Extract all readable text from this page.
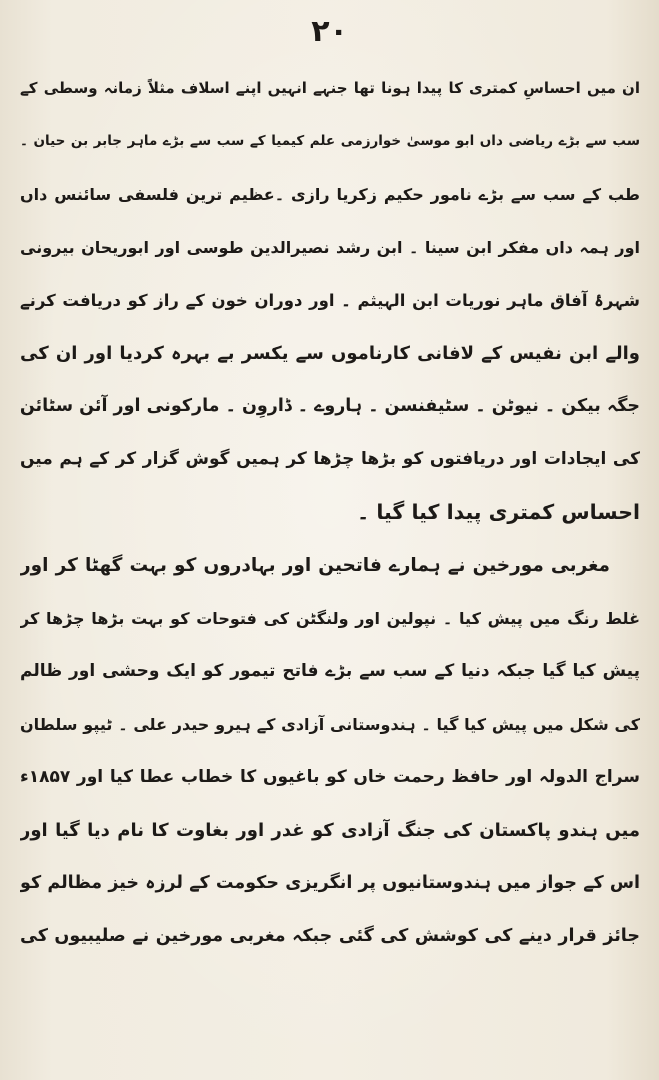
۲۰
ان میں احساسِ کمتری کا پیدا ہونا تھا جنہے انہیں اپنے اسلاف مثلاً زمانہ وسطی کے
سب سے بڑے ریاضی داں ابو موسیٰ خوارزمی علم کیمیا کے سب سے بڑے ماہر جابر بن حیان ۔
طب کے سب سے بڑے نامور حکیم زکریا رازی ۔عظیم ترین فلسفی سائنس داں
اور ہمہ داں مفکر ابن سینا ۔ ابن رشد نصیرالدین طوسی اور ابوریحان بیرونی
شہرۂ آفاق ماہر نوریات ابن الہیثم ۔ اور دوران خون کے راز کو دریافت کرنے
والے ابن نفیس کے لافانی کارناموں سے یکسر بے بہرہ کردیا اور ان کی
جگہ بیکن ۔ نیوٹن ۔ سٹیفنسن ۔ ہاروے ۔ ڈاروِن ۔ مارکونی اور آئن سٹائن
کی ایجادات اور دریافتوں کو بڑھا چڑھا کر ہمیں گوش گزار کر کے ہم میں
احساس کمتری پیدا کیا گیا ۔
مغربی مورخین نے ہمارے فاتحین اور بہادروں کو بہت گھٹا کر اور
غلط رنگ میں پیش کیا ۔ نپولین اور ولنگٹن کی فتوحات کو بہت بڑھا چڑھا کر
پیش کیا گیا جبکہ دنیا کے سب سے بڑے فاتح تیمور کو ایک وحشی اور ظالم
کی شکل میں پیش کیا گیا ۔ ہندوستانی آزادی کے ہیرو حیدر علی ۔ ٹیپو سلطان
سراج الدولہ اور حافظ رحمت خاں کو باغیوں کا خطاب عطا کیا اور ۱۸۵۷ء
میں ہندو پاکستان کی جنگ آزادی کو غدر اور بغاوت کا نام دیا گیا اور
اس کے جواز میں ہندوستانیوں پر انگریزی حکومت کے لرزہ خیز مظالم کو
جائز قرار دینے کی کوشش کی گئی جبکہ مغربی مورخین نے صلیبیوں کی
